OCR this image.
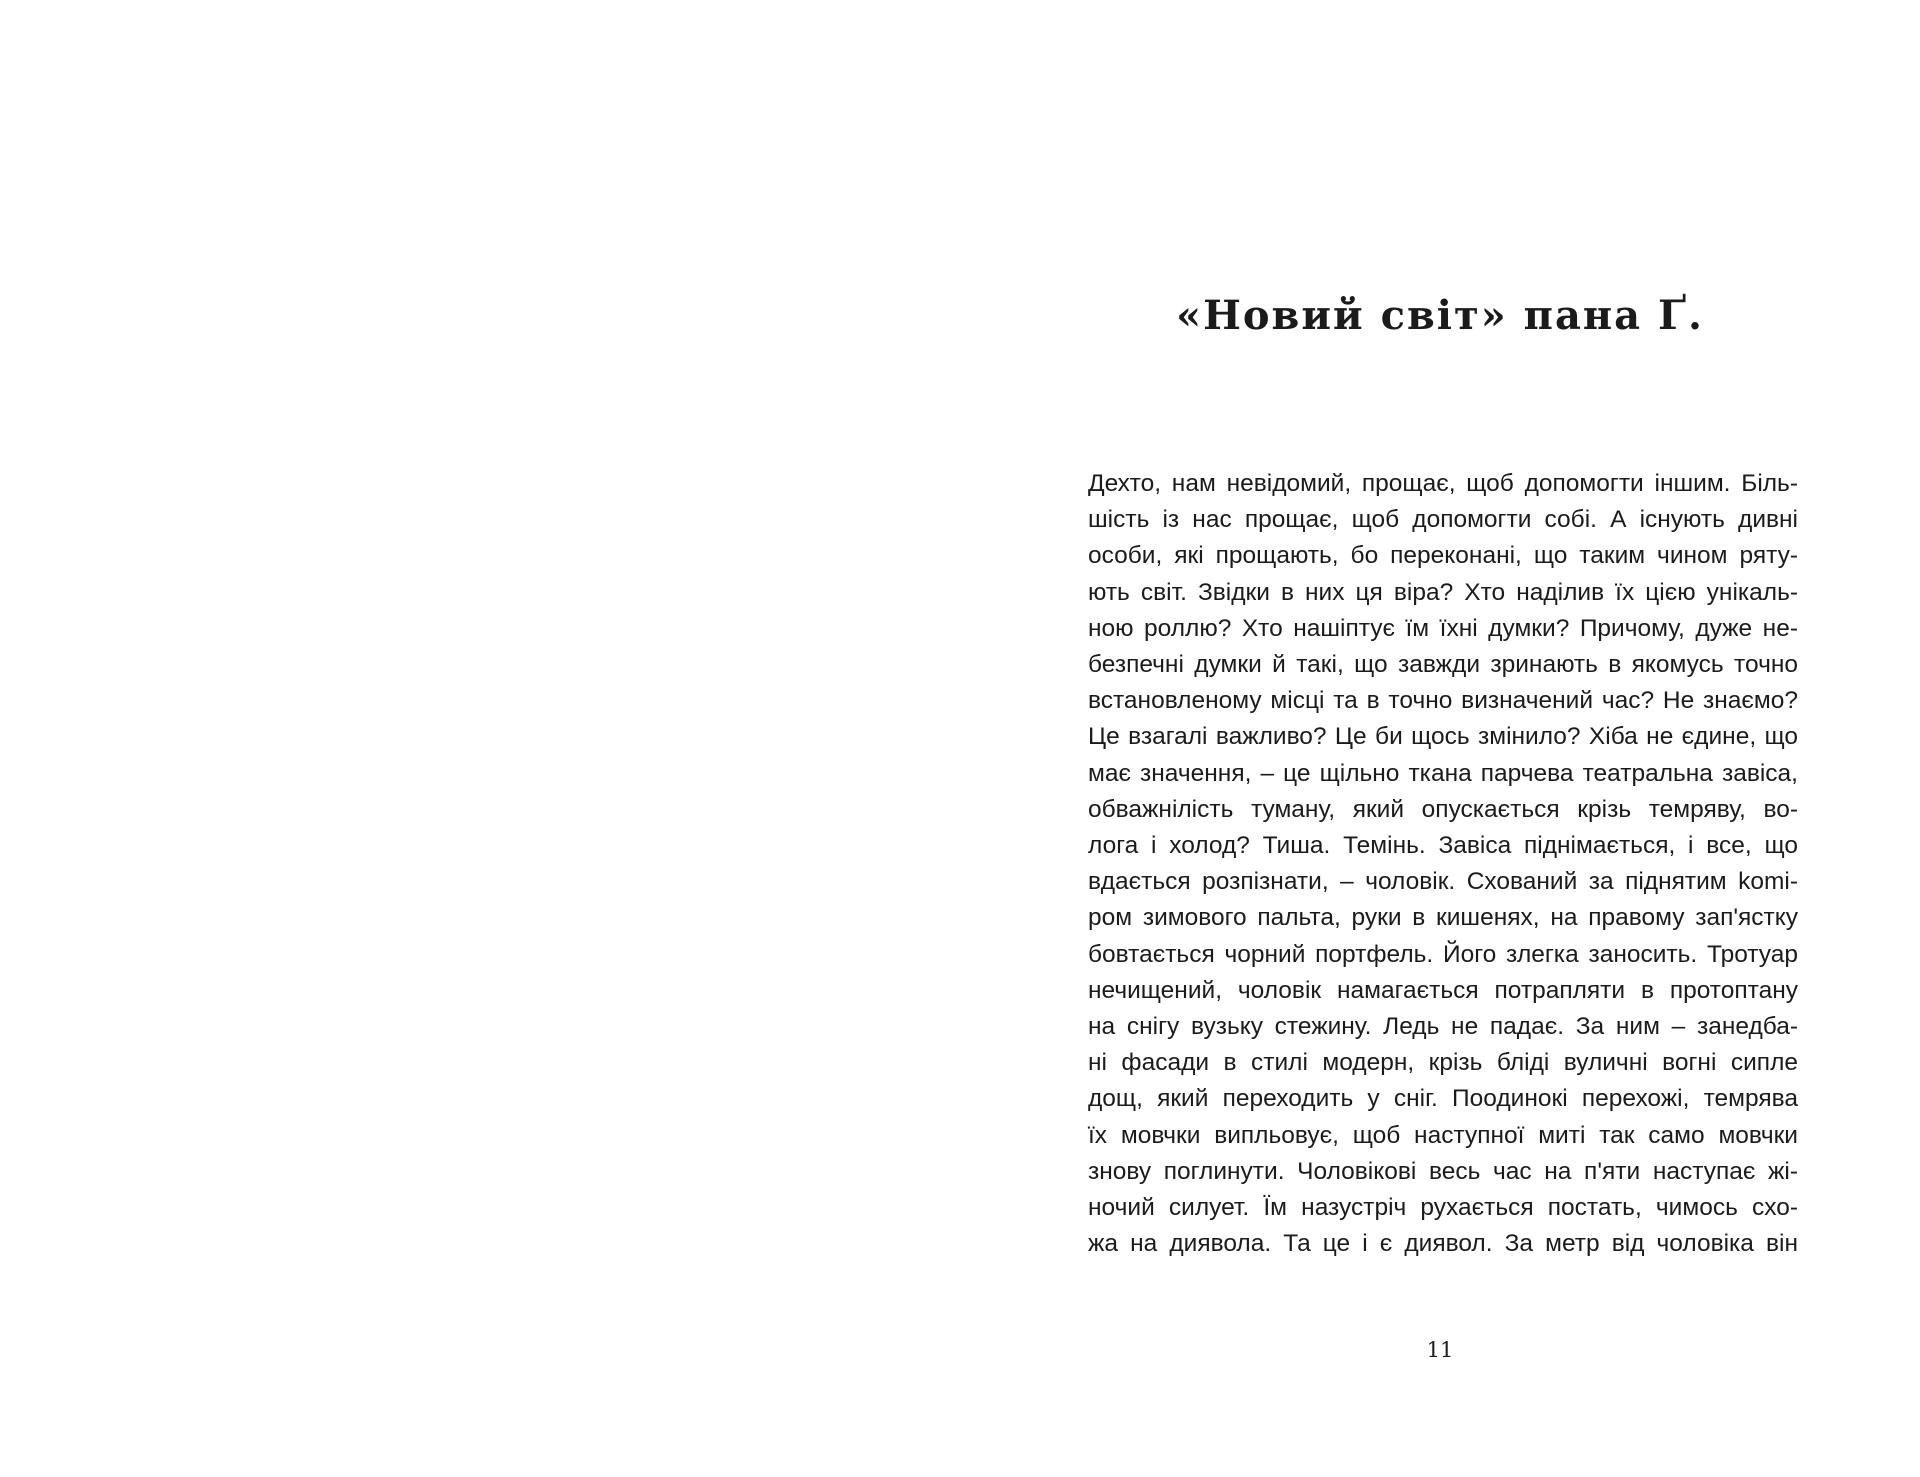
«Новий світ» пана Ґ.
Дехто, нам невідомий, прощає, щоб допомогти іншим. Біль-
шість із нас прощає, щоб допомогти собі. А існують дивні
особи, які прощають, бо переконані, що таким чином ряту-
ють світ. Звідки в них ця віра? Хто наділив їх цією унікаль-
ною роллю? Хто нашіптує їм їхні думки? Причому, дуже не-
безпечні думки й такі, що завжди зринають в якомусь точно
встановленому місці та в точно визначений час? Не знаємо?
Це взагалі важливо? Це би щось змінило? Хіба не єдине, що
має значення, – це щільно ткана парчева театральна завіса,
обважнілість туману, який опускається крізь темряву, во-
лога і холод? Тиша. Темінь. Завіса піднімається, і все, що
вдається розпізнати, – чоловік. Схований за піднятим komі-
ром зимового пальта, руки в кишенях, на правому зап'ястку
бовтається чорний портфель. Його злегка заносить. Тротуар
нечищений, чоловік намагається потрапляти в протоптану
на снігу вузьку стежину. Ледь не падає. За ним – занедба-
ні фасади в стилі модерн, крізь бліді вуличні вогні сипле
дощ, який переходить у сніг. Поодинокі перехожі, темрява
їх мовчки випльовує, щоб наступної миті так само мовчки
знову поглинути. Чоловікові весь час на п'яти наступає жі-
ночий силует. Їм назустріч рухається постать, чимось схо-
жа на диявола. Та це і є диявол. За метр від чоловіка він

11
